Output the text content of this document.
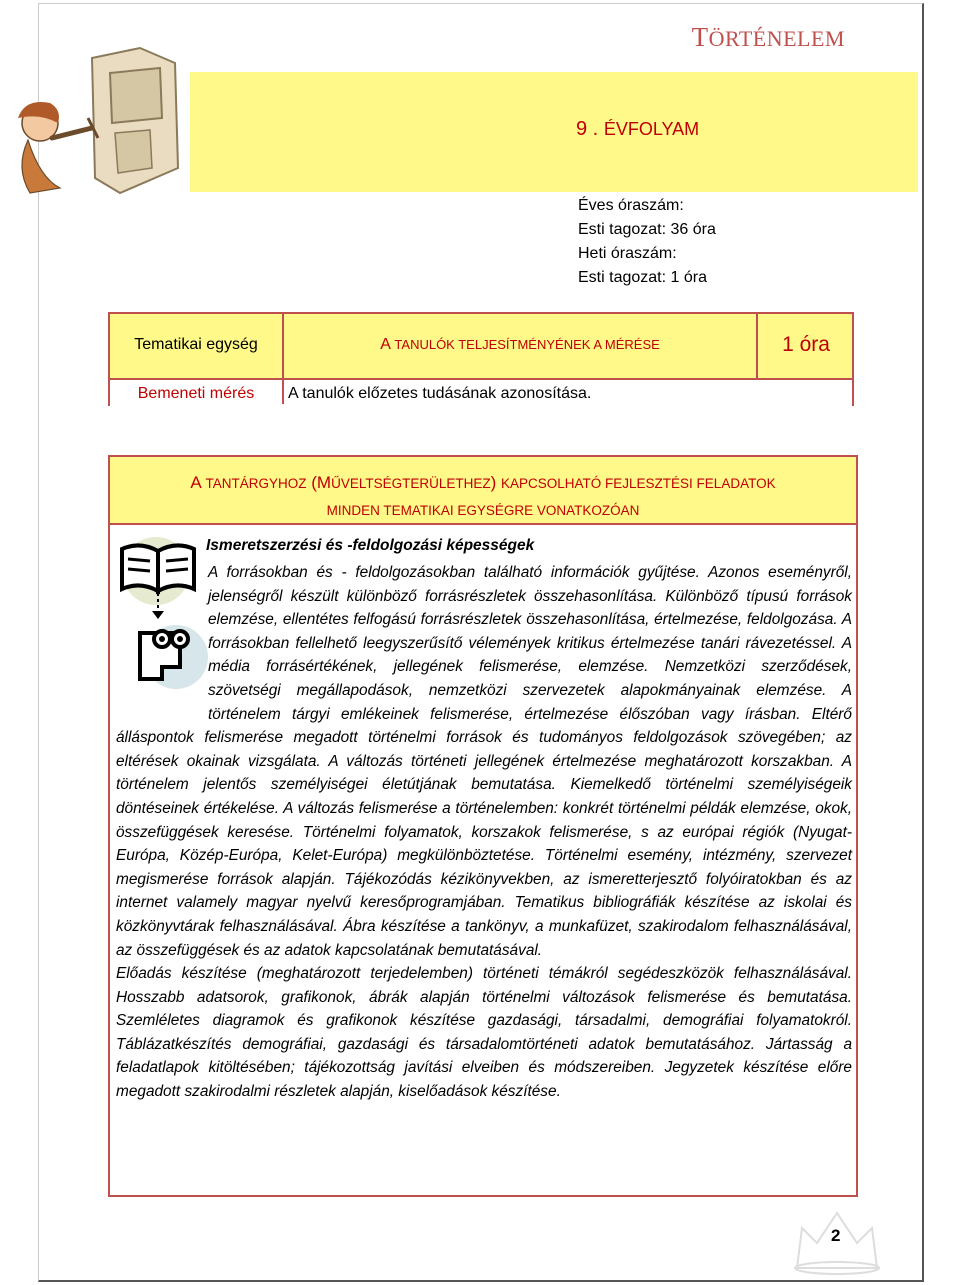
TÖRTÉNELEM
9 . ÉVFOLYAM
Éves óraszám:
Esti tagozat: 36 óra
Heti óraszám:
Esti tagozat: 1 óra
Tematikai egység	A TANULÓK TELJESÍTMÉNYÉNEK A MÉRÉSE	1 óra
Bemeneti mérés	A tanulók előzetes tudásának azonosítása.
A TANTÁRGYHOZ (MŰVELTSÉGTERÜLETHEZ) KAPCSOLHATÓ FEJLESZTÉSI FELADATOK
MINDEN TEMATIKAI EGYSÉGRE VONATKOZÓAN
Ismeretszerzési és -feldolgozási képességek

A forrásokban és - feldolgozásokban található információk gyűjtése. Azonos eseményről, jelenségről készült különböző forrásrészletek összehasonlítása. Különböző típusú források elemzése, ellentétes felfogású forrásrészletek összehasonlítása, értelmezése, feldolgozása. A forrásokban fellelhető leegyszerűsítő vélemények kritikus értelmezése tanári rávezetéssel. A média forrásértékének, jellegének felismerése, elemzése. Nemzetközi szerződések, szövetségi megállapodások, nemzetközi szervezetek alapokmányainak elemzése. A történelem tárgyi emlékeinek felismerése, értelmezése élőszóban vagy írásban. Eltérő álláspontok felismerése megadott történelmi források és tudományos feldolgozások szövegében; az eltérések okainak vizsgálata. A változás történeti jellegének értelmezése meghatározott korszakban. A történelem jelentős személyiségei életútjának bemutatása. Kiemelkedő történelmi személyiségeik döntéseinek értékelése. A változás felismerése a történelemben: konkrét történelmi példák elemzése, okok, összefüggések keresése. Történelmi folyamatok, korszakok felismerése, s az európai régiók (Nyugat-Európa, Közép-Európa, Kelet-Európa) megkülönböztetése. Történelmi esemény, intézmény, szervezet megismerése források alapján. Tájékozódás kézikönyvekben, az ismeretterjesztő folyóiratokban és az internet valamely magyar nyelvű keresőprogramjában. Tematikus bibliográfiák készítése az iskolai és közkönyvtárak felhasználásával. Ábra készítése a tankönyv, a munkafüzet, szakirodalom felhasználásával, az összefüggések és az adatok kapcsolatának bemutatásával.

Előadás készítése (meghatározott terjedelemben) történeti témákról segédeszközök felhasználásával. Hosszabb adatsorok, grafikonok, ábrák alapján történelmi változások felismerése és bemutatása. Szemléletes diagramok és grafikonok készítése gazdasági, társadalmi, demográfiai folyamatokról. Táblázatkészítés demográfiai, gazdasági és társadalomtörténeti adatok bemutatásához. Jártasság a feladatlapok kitöltésében; tájékozottság javítási elveiben és módszereiben. Jegyzetek készítése előre megadott szakirodalmi részletek alapján, kiselőadások készítése.

2
